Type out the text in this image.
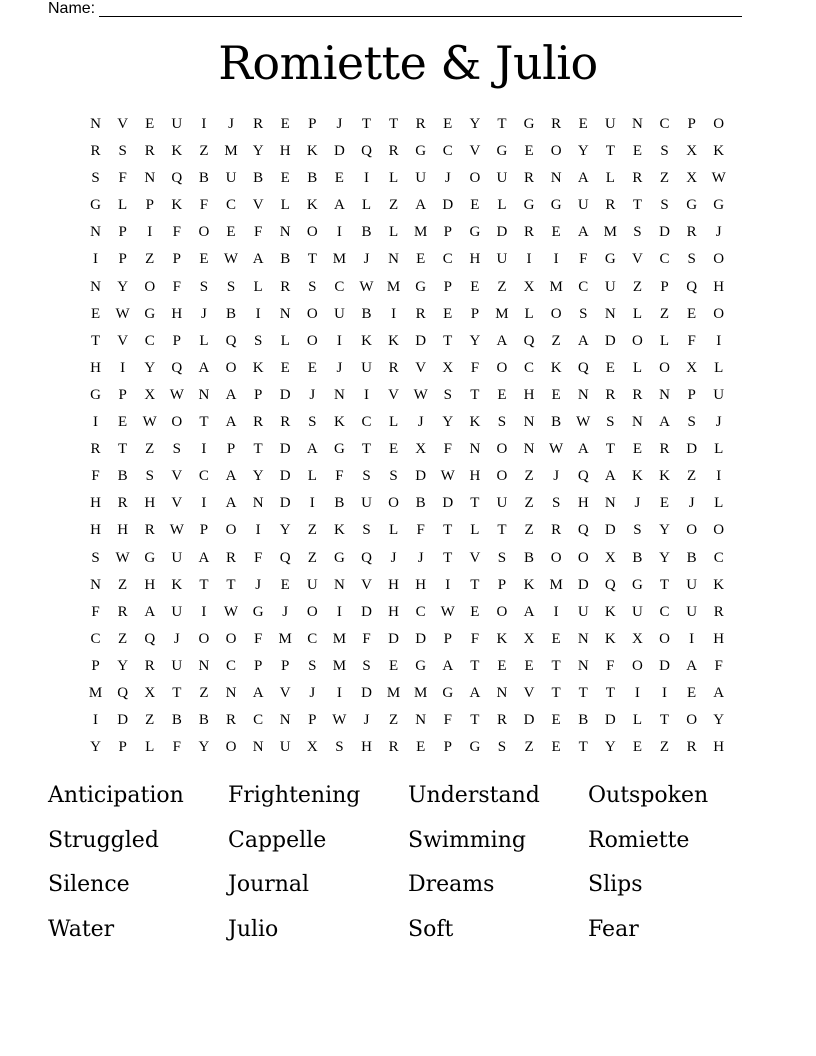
Name:
Romiette & Julio
N	V	E	U	I	J	R	E	P	J	T	T	R	E	Y	T	G	R	E	U	N	C	P	O
R	S	R	K	Z	M	Y	H	K	D	Q	R	G	C	V	G	E	O	Y	T	E	S	X	K
S	F	N	Q	B	U	B	E	B	E	I	L	U	J	O	U	R	N	A	L	R	Z	X W
G	L	P	K	F	C	V	L	K	A	L	Z	A	D	E	L	G	G	U	R	T	S	G	G
N	P	I	F	O	E	F	N	O	I	B	L	M	P	G	D	R	E	A	M	S	D	R	J
I	P	Z	P	E	W A	B	T	M	J	N	E	C	H	U	I	I	F	G	V	C	S	O
N	Y	O	F	S	S	L	R	S	C	W M	G	P	E	Z	X	M	C	U	Z	P	Q	H
E	W G	H	J	B	I	N	O	U	B	I	R	E	P	M	L	O	S	N	L	Z	E	O
T	V	C	P	L	Q	S	L	O	I	K	K	D	T	Y	A	Q	Z	A	D	O	L	F	I
H	I	Y	Q	A	O	K	E	E	J	U	R	V	X	F	O	C	K	Q	E	L	O	X	L
G	P	X W N	A	P	D	J	N	I	V W	S	T	E	H	E	N	R	R	N	P	U
I	E	W O	T	A	R	R	S	K	C	L	J	Y	K	S	N	B	W	S	N	A	S	J
R	T	Z	S	I	P	T	D	A	G	T	E	X	F	N	O	N W A	T	E	R	D	L
F	B	S	V	C	A	Y	D	L	F	S	S	D W H	O	Z	J	Q	A	K	K	Z	I
H	R	H	V	I	A	N	D	I	B	U	O	B	D	T	U	Z	S	H	N	J	E	J	L
H	H	R	W	P	O	I	Y	Z	K	S	L	F	T	L	T	Z	R	Q	D	S	Y	O	O
S	W G	U	A	R	F	Q	Z	G	Q	J	J	T	V	S	B	O	O	X	B	Y	B	C
N	Z	H	K	T	T	J	E	U	N	V	H	H	I	T	P	K	M	D	Q	G	T	U	K
F	R	A	U	I	W G	J	O	I	D	H	C	W	E	O	A	I	U	K	U	C	U	R
C	Z	Q	J	O	O	F	M	C	M	F	D	D	P	F	K	X	E	N	K	X	O	I	H
P	Y	R	U	N	C	P	P	S	M	S	E	G	A	T	E	E	T	N	F	O	D	A	F
M	Q	X	T	Z	N	A	V	J	I	D	M M	G	A	N	V	T	T	T	I	I	E	A
I	D	Z	B	B	R	C	N	P	W	J	Z	N	F	T	R	D	E	B	D	L	T	O	Y
Y	P	L	F	Y	O	N	U	X	S	H	R	E	P	G	S	Z	E	T	Y	E	Z	R	H
Anticipation	Frightening	Understand	Outspoken
Struggled	Cappelle	Swimming	Romiette
Silence	Journal	Dreams	Slips
Water	Julio	Soft	Fear
